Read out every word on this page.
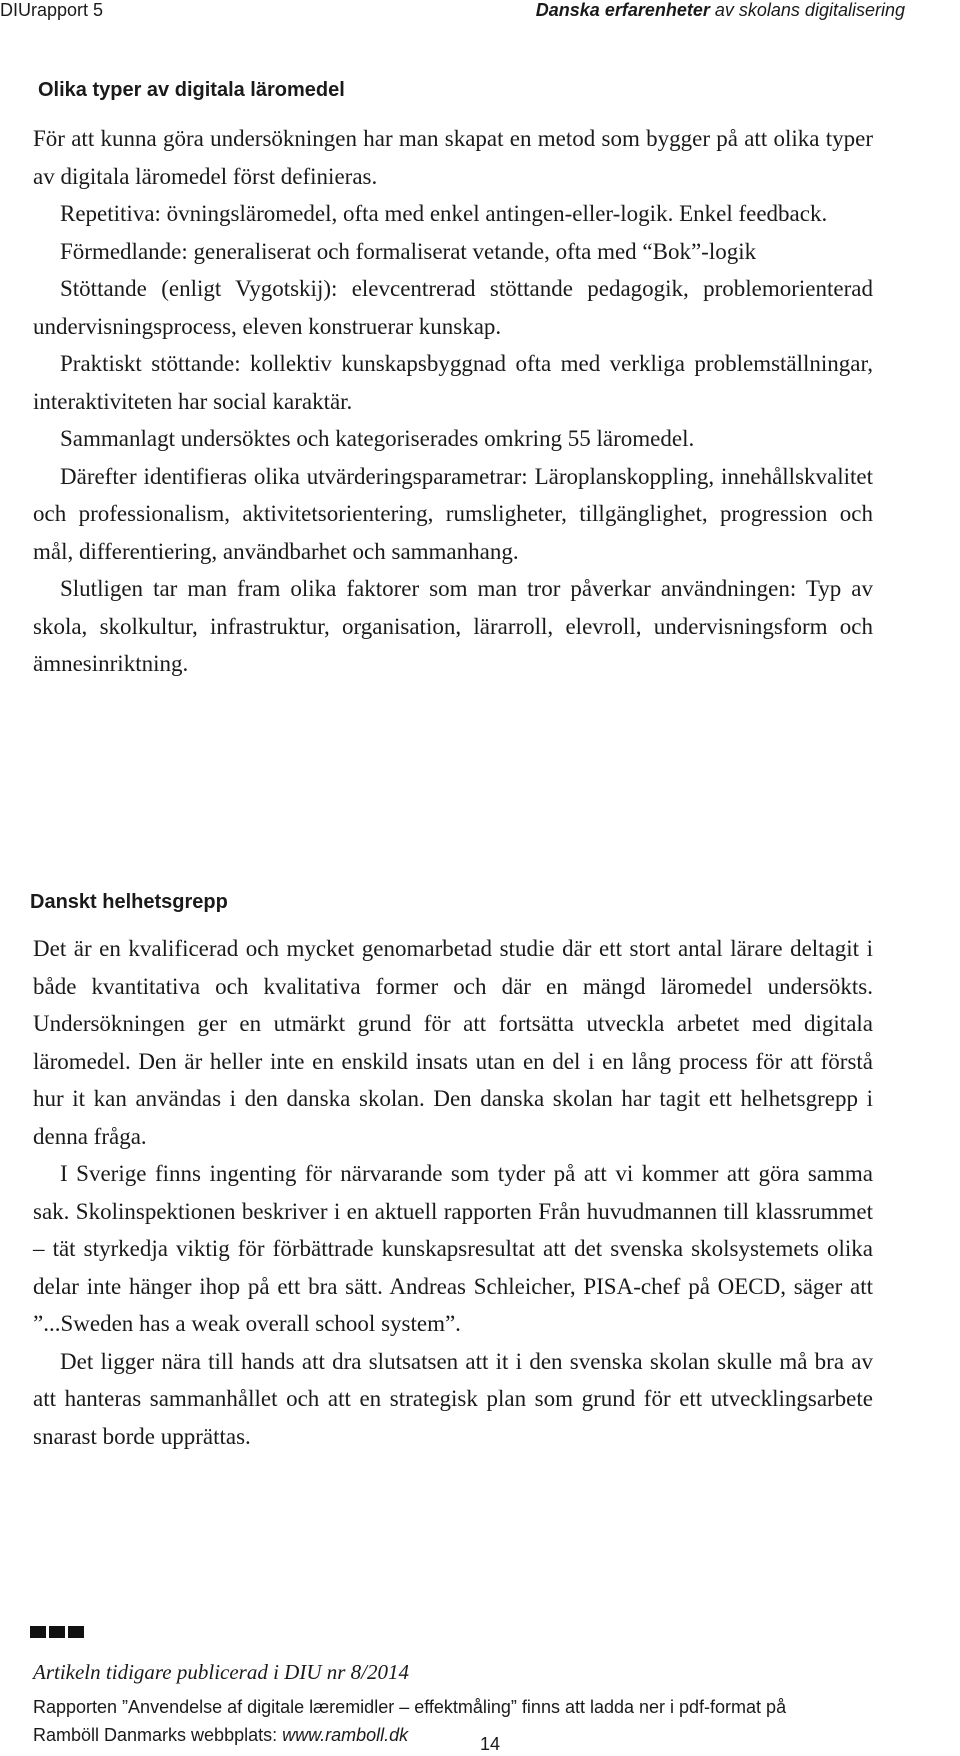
DIUrapport 5	Danska erfarenheter av skolans digitalisering
Olika typer av digitala läromedel

För att kunna göra undersökningen har man skapat en metod som bygger på att olika typer av digitala läromedel först definieras.

Repetitiva: övningsläromedel, ofta med enkel antingen-eller-logik. Enkel feedback.

Förmedlande: generaliserat och formaliserat vetande, ofta med “Bok”-logik

Stöttande (enligt Vygotskij): elevcentrerad stöttande pedagogik, problemorienterad undervisningsprocess, eleven konstruerar kunskap.

Praktiskt stöttande: kollektiv kunskapsbyggnad ofta med verkliga problemställningar, interaktiviteten har social karaktär.

Sammanlagt undersöktes och kategoriserades omkring 55 läromedel.

Därefter identifieras olika utvärderingsparametrar: Läroplanskoppling, innehållskvalitet och professionalism, aktivitetsorientering, rumsligheter, tillgänglighet, progression och mål, differentiering, användbarhet och sammanhang.

Slutligen tar man fram olika faktorer som man tror påverkar användningen: Typ av skola, skolkultur, infrastruktur, organisation, lärarroll, elevroll, undervisningsform och ämnesinriktning.

Danskt helhetsgrepp

Det är en kvalificerad och mycket genomarbetad studie där ett stort antal lärare deltagit i både kvantitativa och kvalitativa former och där en mängd läromedel undersökts. Undersökningen ger en utmärkt grund för att fortsätta utveckla arbetet med digitala läromedel. Den är heller inte en enskild insats utan en del i en lång process för att förstå hur it kan användas i den danska skolan. Den danska skolan har tagit ett helhetsgrepp i denna fråga.

I Sverige finns ingenting för närvarande som tyder på att vi kommer att göra samma sak. Skolinspektionen beskriver i en aktuell rapporten Från huvudmannen till klassrummet – tät styrkedja viktig för förbättrade kunskapsresultat att det svenska skolsystemets olika delar inte hänger ihop på ett bra sätt. Andreas Schleicher, PISA-chef på OECD, säger att ”...Sweden has a weak overall school system”.

Det ligger nära till hands att dra slutsatsen att it i den svenska skolan skulle må bra av att hanteras sammanhållet och att en strategisk plan som grund för ett utvecklingsarbete snarast borde upprättas.

Artikeln tidigare publicerad i DIU nr 8/2014
Rapporten ”Anvendelse af digitale læremidler – effektmåling” finns att ladda ner i pdf-format på
Ramböll Danmarks webbplats: www.ramboll.dk	14
